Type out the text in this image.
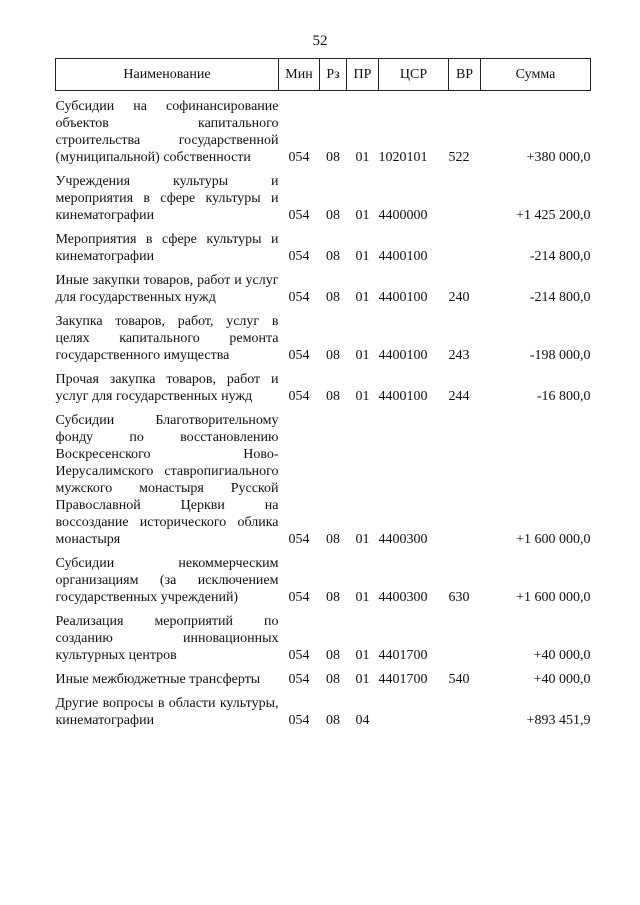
52
Наименование	Мин	Рз	ПР	ЦСР	ВР	Сумма
Субсидии на софинансирование объектов капитального строительства государственной (муниципальной) собственности	054	08	01	1020101	522	+380 000,0
Учреждения культуры и мероприятия в сфере культуры и кинематографии	054	08	01	4400000		+1 425 200,0
Мероприятия в сфере культуры и кинематографии	054	08	01	4400100		-214 800,0
Иные закупки товаров, работ и услуг для государственных нужд	054	08	01	4400100	240	-214 800,0
Закупка товаров, работ, услуг в целях капитального ремонта государственного имущества	054	08	01	4400100	243	-198 000,0
Прочая закупка товаров, работ и услуг для государственных нужд	054	08	01	4400100	244	-16 800,0
Субсидии Благотворительному фонду по восстановлению Воскресенского Ново-Иерусалимского ставропигиального мужского монастыря Русской Православной Церкви на воссоздание исторического облика монастыря	054	08	01	4400300		+1 600 000,0
Субсидии некоммерческим организациям (за исключением государственных учреждений)	054	08	01	4400300	630	+1 600 000,0
Реализация мероприятий по созданию инновационных культурных центров	054	08	01	4401700		+40 000,0
Иные межбюджетные трансферты	054	08	01	4401700	540	+40 000,0
Другие вопросы в области культуры, кинематографии	054	08	04			+893 451,9
